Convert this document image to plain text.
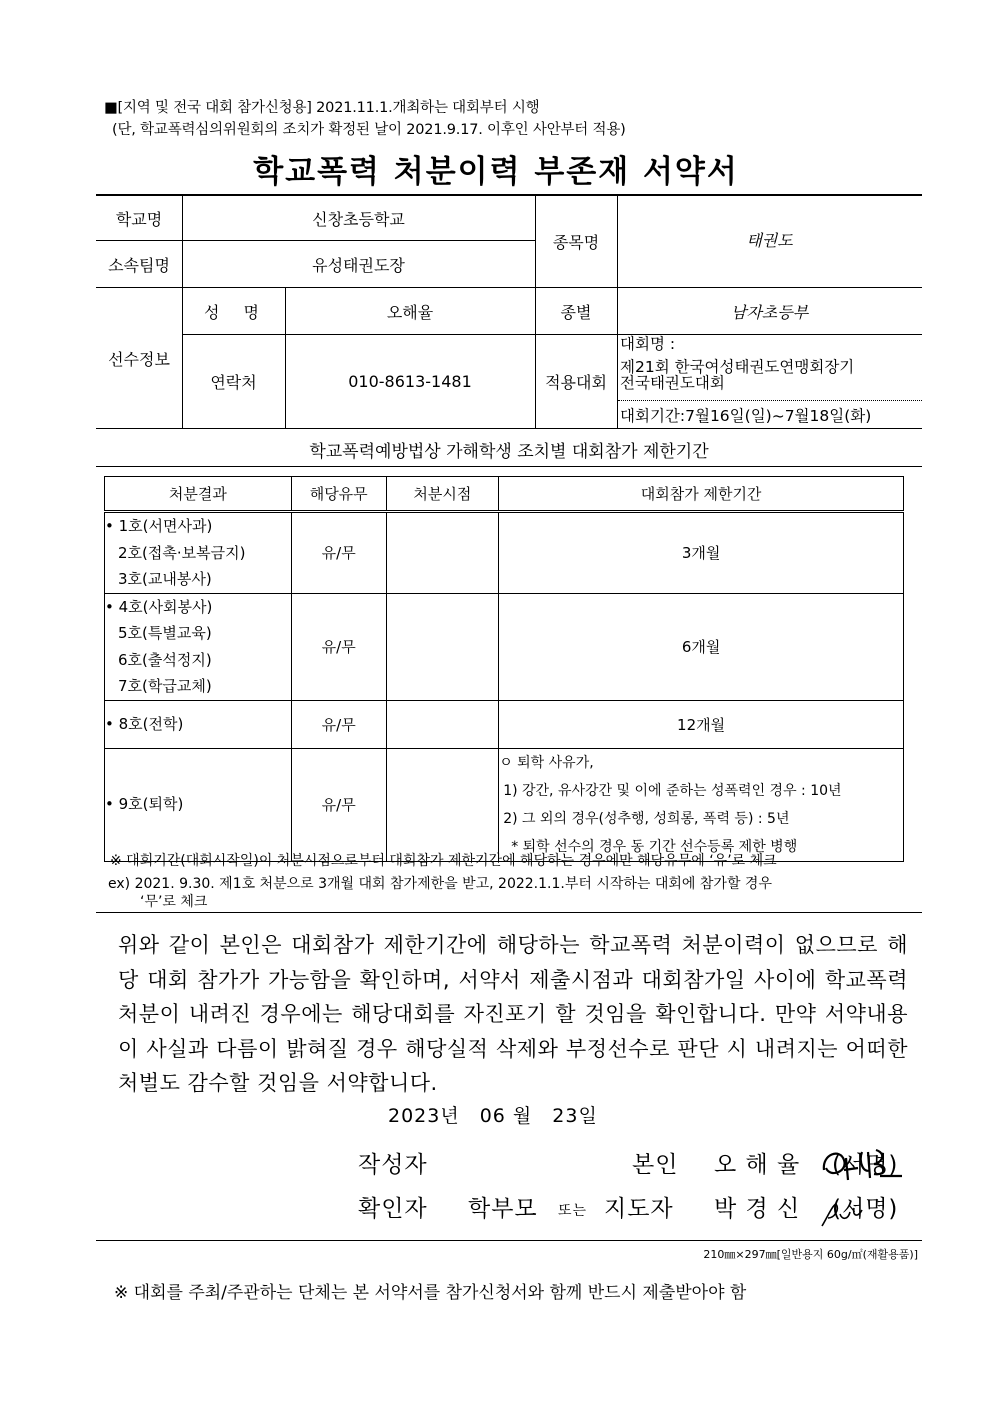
■[지역 및 전국 대회 참가신청용] 2021.11.1.개최하는 대회부터 시행
(단, 학교폭력심의위원회의 조치가 확정된 날이 2021.9.17. 이후인 사안부터 적용)
학교폭력 처분이력 부존재 서약서
학교명	신창초등학교
소속팀명	유성태권도장
종목명	태권도
선수정보
성　명	오해율	종별	남자초등부
연락처	010-8613-1481	적용대회
대회명 :
제21회 한국여성태권도연맹회장기
전국태권도대회
대회기간:7월16일(일)~7월18일(화)
학교폭력예방법상 가해학생 조치별 대회참가 제한기간
처분결과	해당유무	처분시점	대회참가 제한기간

• 1호(서면사과)
2호(접촉·보복금지)
3호(교내봉사)	유/무		3개월

• 4호(사회봉사)
5호(특별교육)
6호(출석정지)
7호(학급교체)	유/무		6개월

• 8호(전학)	유/무		12개월

• 9호(퇴학)	유/무		ㅇ 퇴학 사유가,
1) 강간, 유사강간 및 이에 준하는 성폭력인 경우 : 10년
2) 그 외의 경우(성추행, 성희롱, 폭력 등) : 5년
* 퇴학 선수의 경우 동 기간 선수등록 제한 병행
※ 대회기간(대회시작일)이 처분시점으로부터 대회참가 제한기간에 해당하는 경우에만 해당유무에 ‘유’로 체크
ex) 2021. 9.30. 제1호 처분으로 3개월 대회 참가제한을 받고, 2022.1.1.부터 시작하는 대회에 참가할 경우
‘무’로 체크
위와 같이 본인은 대회참가 제한기간에 해당하는 학교폭력 처분이력이 없으므로 해당 대회 참가가 가능함을 확인하며, 서약서 제출시점과 대회참가일 사이에 학교폭력 처분이 내려진 경우에는 해당대회를 자진포기 할 것임을 확인합니다. 만약 서약내용이 사실과 다름이 밝혀질 경우 해당실적 삭제와 부정선수로 판단 시 내려지는 어떠한 처벌도 감수할 것임을 서약합니다.
2023년　06 월　23일
작성자	본인 오 해 율 (서명)
확인자 학부모 또는 지도자 박 경 신 (서명)
210㎜×297㎜[일반용지 60g/㎡(재활용품)]
※ 대회를 주최/주관하는 단체는 본 서약서를 참가신청서와 함께 반드시 제출받아야 함
